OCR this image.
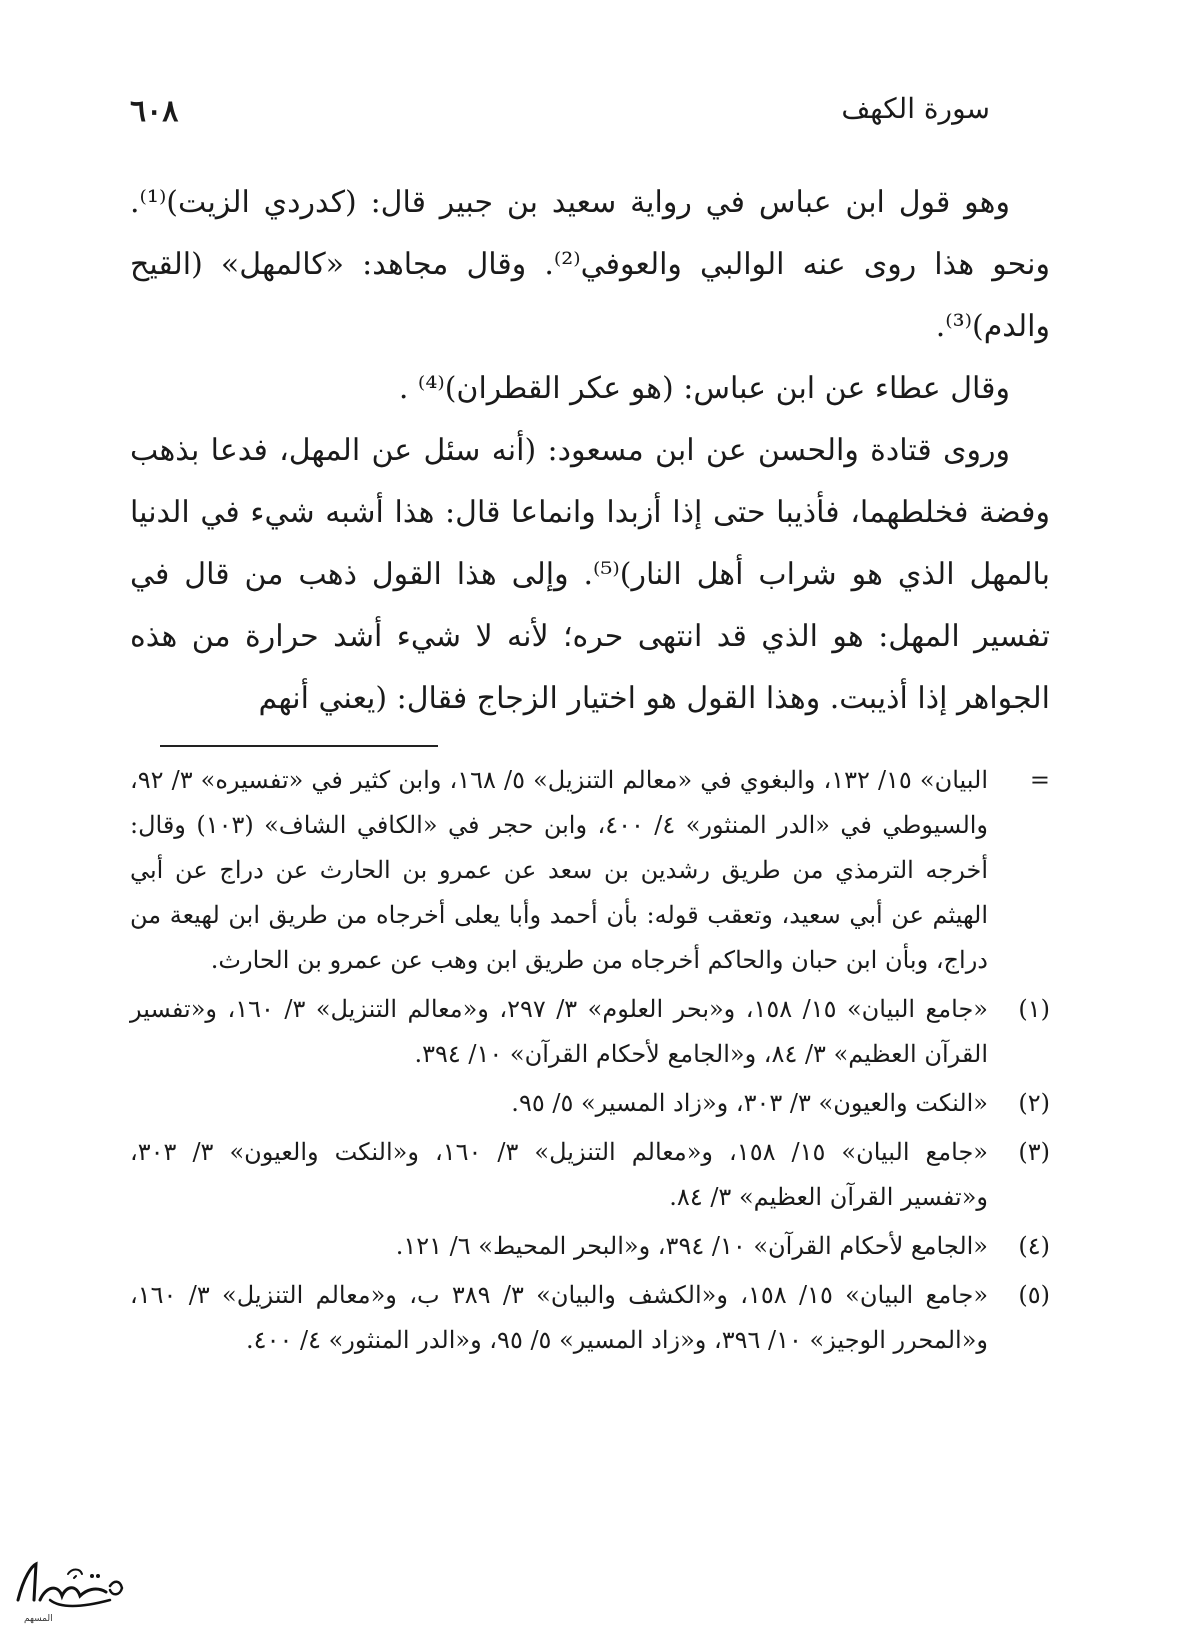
٦٠٨	سورة الكهف

وهو قول ابن عباس في رواية سعيد بن جبير قال: (كدردي الزيت)⁽¹⁾. ونحو هذا روى عنه الوالبي والعوفي⁽²⁾. وقال مجاهد: «كالمهل» (القيح والدم)⁽³⁾.

وقال عطاء عن ابن عباس: (هو عكر القطران)⁽⁴⁾ .

وروى قتادة والحسن عن ابن مسعود: (أنه سئل عن المهل، فدعا بذهب وفضة فخلطهما، فأذيبا حتى إذا أزبدا وانماعا قال: هذا أشبه شيء في الدنيا بالمهل الذي هو شراب أهل النار)⁽⁵⁾. وإلى هذا القول ذهب من قال في تفسير المهل: هو الذي قد انتهى حره؛ لأنه لا شيء أشد حرارة من هذه الجواهر إذا أذيبت. وهذا القول هو اختيار الزجاج فقال: (يعني أنهم

=
البيان» ١٥/ ١٣٢، والبغوي في «معالم التنزيل» ٥/ ١٦٨، وابن كثير في «تفسيره» ٣/ ٩٢، والسيوطي في «الدر المنثور» ٤/ ٤٠٠، وابن حجر في «الكافي الشاف» (١٠٣) وقال: أخرجه الترمذي من طريق رشدين بن سعد عن عمرو بن الحارث عن دراج عن أبي الهيثم عن أبي سعيد، وتعقب قوله: بأن أحمد وأبا يعلى أخرجاه من طريق ابن لهيعة من دراج، وبأن ابن حبان والحاكم أخرجاه من طريق ابن وهب عن عمرو بن الحارث.
(١)
«جامع البيان» ١٥/ ١٥٨، و«بحر العلوم» ٣/ ٢٩٧، و«معالم التنزيل» ٣/ ١٦٠، و«تفسير القرآن العظيم» ٣/ ٨٤، و«الجامع لأحكام القرآن» ١٠/ ٣٩٤.
(٢)
«النكت والعيون» ٣/ ٣٠٣، و«زاد المسير» ٥/ ٩٥.
(٣)
«جامع البيان» ١٥/ ١٥٨، و«معالم التنزيل» ٣/ ١٦٠، و«النكت والعيون» ٣/ ٣٠٣، و«تفسير القرآن العظيم» ٣/ ٨٤.
(٤)
«الجامع لأحكام القرآن» ١٠/ ٣٩٤، و«البحر المحيط» ٦/ ١٢١.
(٥)
«جامع البيان» ١٥/ ١٥٨، و«الكشف والبيان» ٣/ ٣٨٩ ب، و«معالم التنزيل» ٣/ ١٦٠، و«المحرر الوجيز» ١٠/ ٣٩٦، و«زاد المسير» ٥/ ٩٥، و«الدر المنثور» ٤/ ٤٠٠.
المسهم
